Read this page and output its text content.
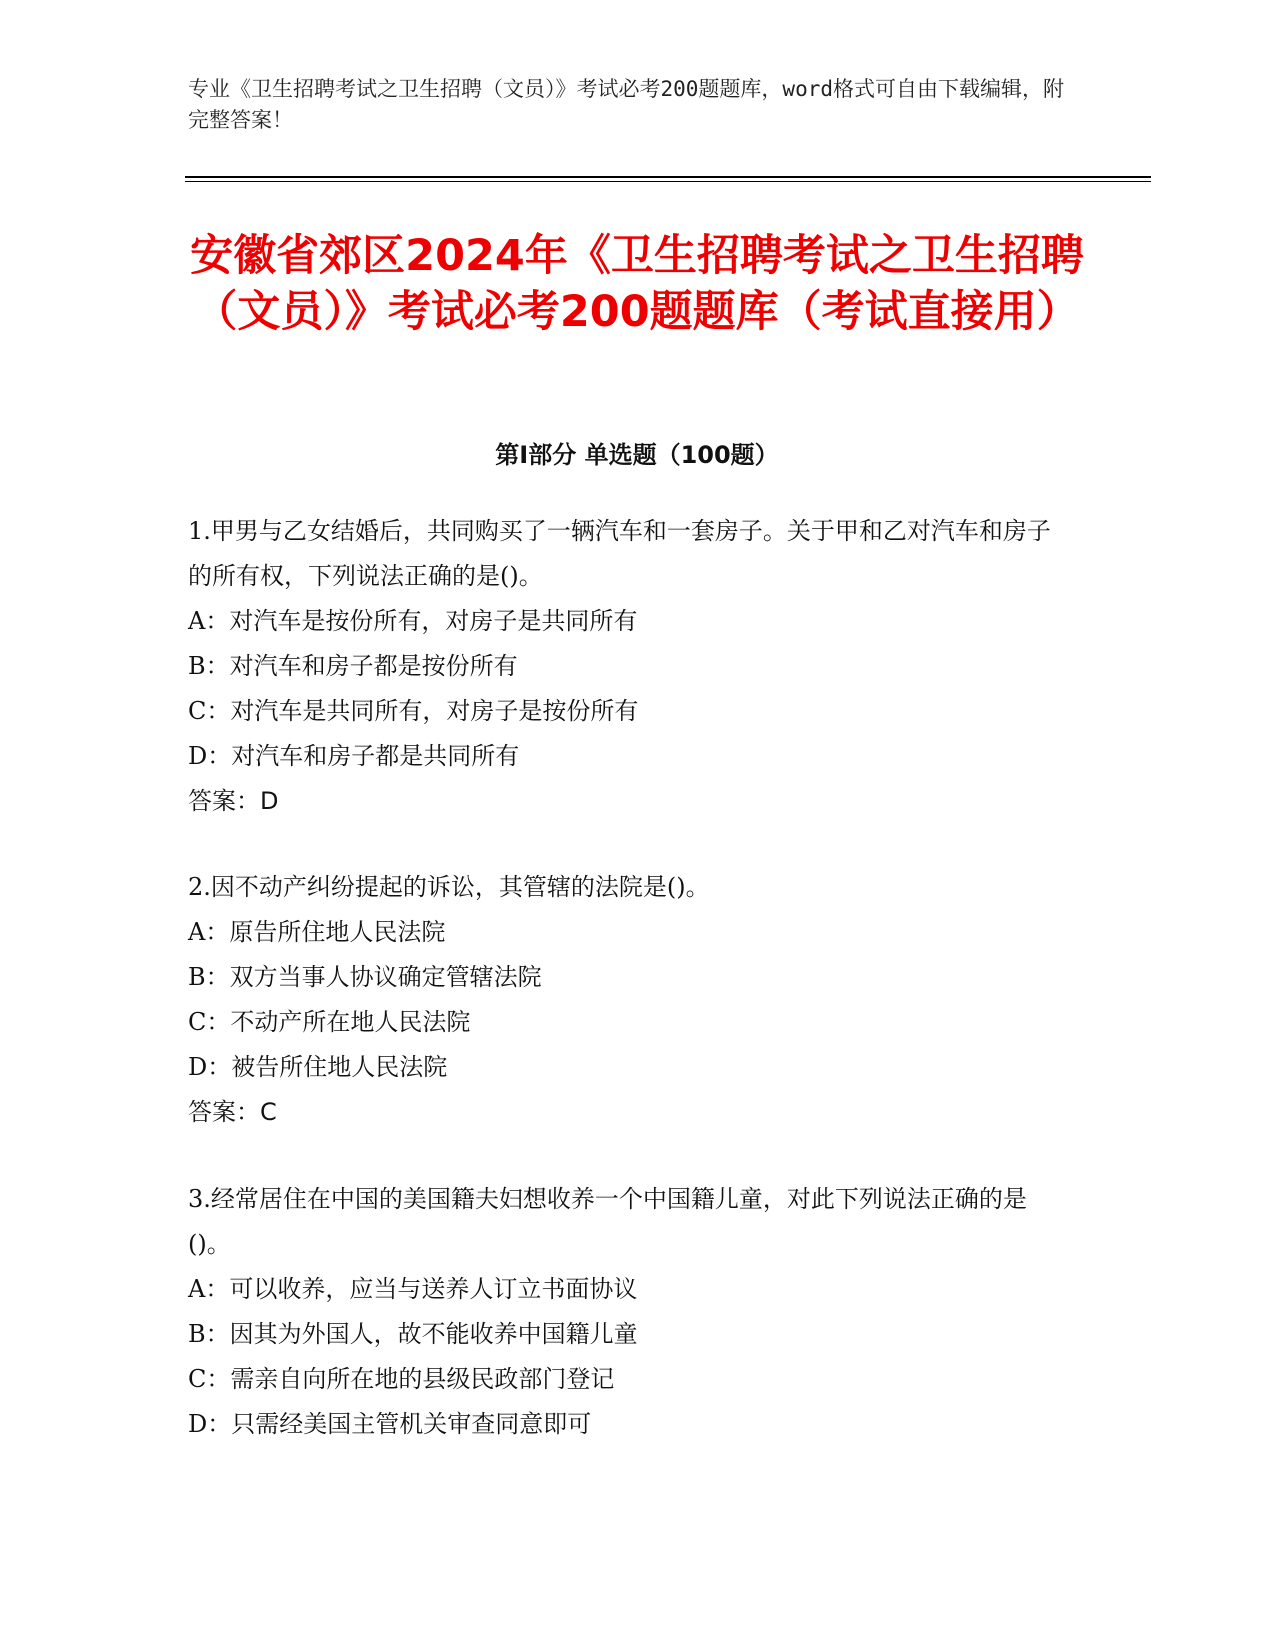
专业《卫生招聘考试之卫生招聘（文员）》考试必考200题题库，word格式可自由下载编辑，附完整答案！
安徽省郊区2024年《卫生招聘考试之卫生招聘（文员）》考试必考200题题库（考试直接用）
第I部分 单选题（100题）

1.甲男与乙女结婚后，共同购买了一辆汽车和一套房子。关于甲和乙对汽车和房子的所有权，下列说法正确的是()。

A：对汽车是按份所有，对房子是共同所有

B：对汽车和房子都是按份所有

C：对汽车是共同所有，对房子是按份所有

D：对汽车和房子都是共同所有

答案：D

2.因不动产纠纷提起的诉讼，其管辖的法院是()。

A：原告所住地人民法院

B：双方当事人协议确定管辖法院

C：不动产所在地人民法院

D：被告所住地人民法院

答案：C

3.经常居住在中国的美国籍夫妇想收养一个中国籍儿童，对此下列说法正确的是()。

A：可以收养，应当与送养人订立书面协议

B：因其为外国人，故不能收养中国籍儿童

C：需亲自向所在地的县级民政部门登记

D：只需经美国主管机关审查同意即可
